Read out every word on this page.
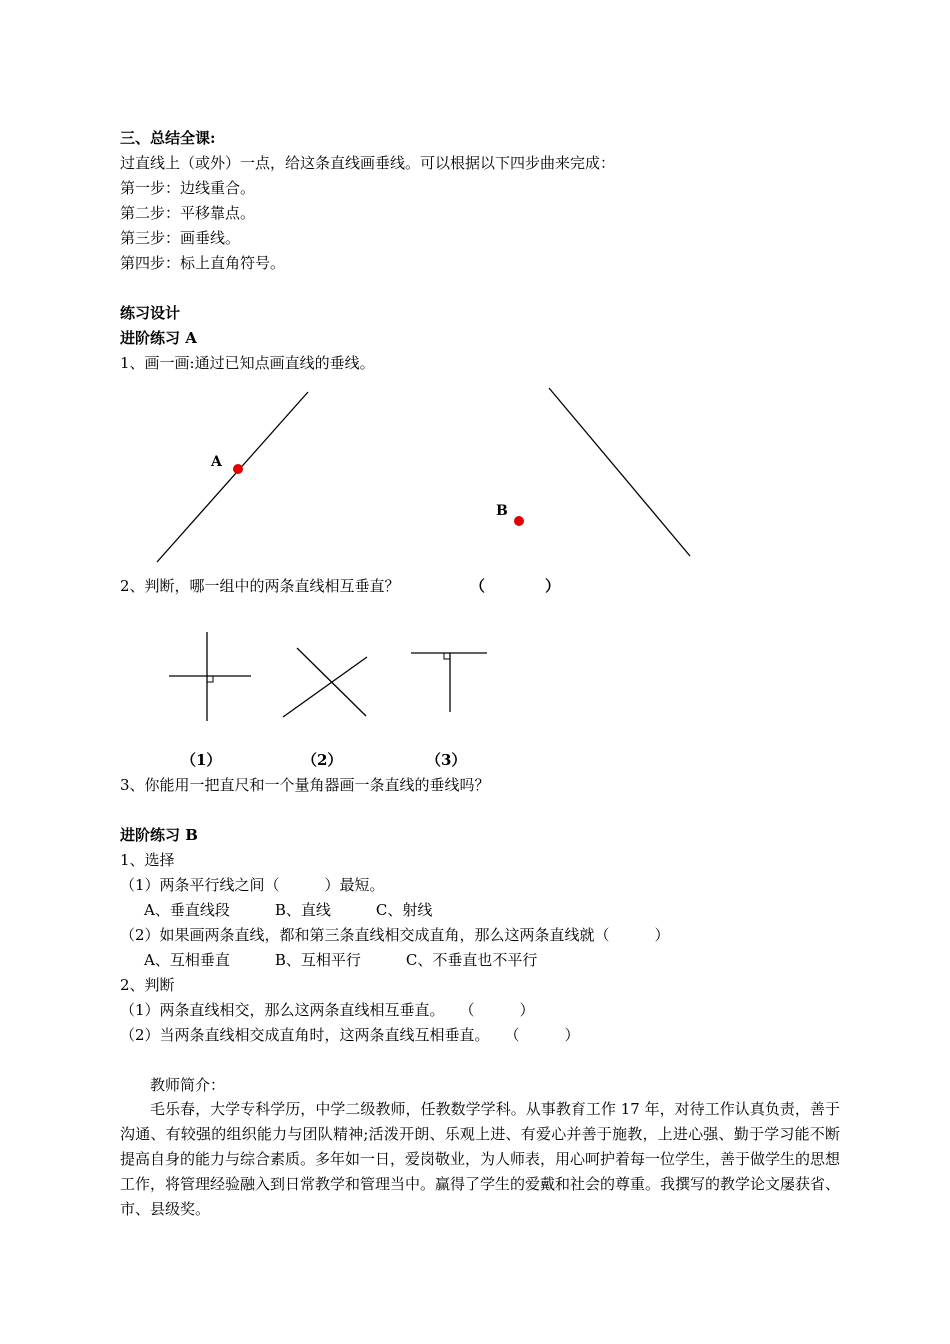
三、总结全课:
过直线上（或外）一点，给这条直线画垂线。可以根据以下四步曲来完成：
第一步：边线重合。
第二步：平移靠点。
第三步：画垂线。
第四步：标上直角符号。
练习设计
进阶练习 A
1、画一画:通过已知点画直线的垂线。
A
B
2、判断，哪一组中的两条直线相互垂直？	（　　　　）
（1）	（2）	（3）
3、你能用一把直尺和一个量角器画一条直线的垂线吗？
进阶练习 B
1、选择
（1）两条平行线之间（　　　）最短。
A、垂直线段　　　B、直线　　　C、射线
（2）如果画两条直线，都和第三条直线相交成直角，那么这两条直线就（　　　）
A、互相垂直　　　B、互相平行　　　C、不垂直也不平行
2、判断
（1）两条直线相交，那么这两条直线相互垂直。　　（　　　）
（2）当两条直线相交成直角时，这两条直线互相垂直。　　（　　　）
教师简介：
毛乐春，大学专科学历，中学二级教师，任教数学学科。从事教育工作 17 年，对待工作认真负责，善于沟通、有较强的组织能力与团队精神;活泼开朗、乐观上进、有爱心并善于施教，上进心强、勤于学习能不断提高自身的能力与综合素质。多年如一日，爱岗敬业，为人师表，用心呵护着每一位学生，善于做学生的思想工作，将管理经验融入到日常教学和管理当中。赢得了学生的爱戴和社会的尊重。我撰写的教学论文屡获省、市、县级奖。
